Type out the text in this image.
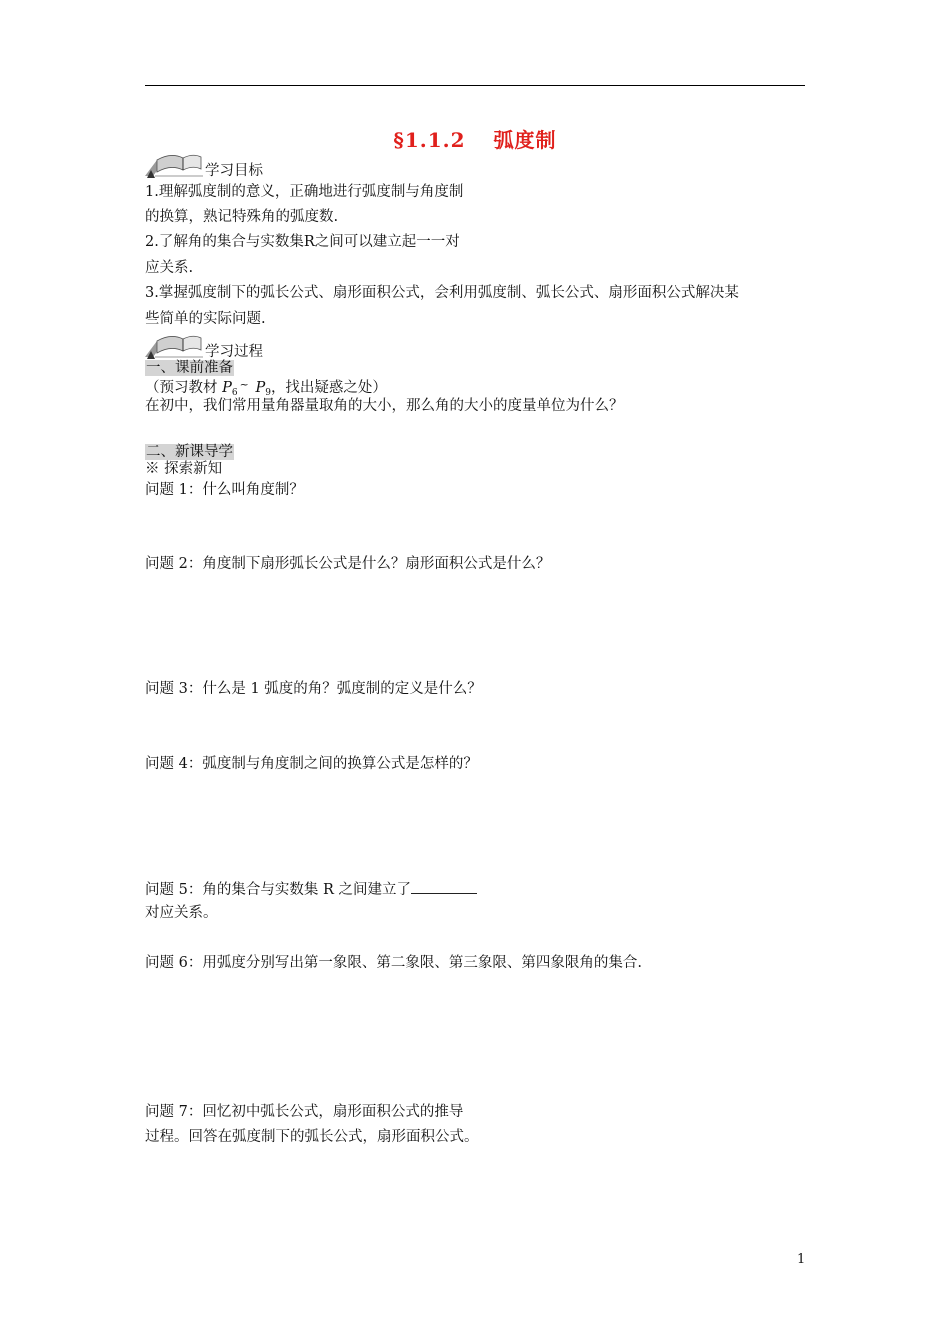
§1.1.2 弧度制
学习目标
1.理解弧度制的意义，正确地进行弧度制与角度制
的换算，熟记特殊角的弧度数.
2.了解角的集合与实数集R之间可以建立起一一对
应关系.
3.掌握弧度制下的弧长公式、扇形面积公式，会利用弧度制、弧长公式、扇形面积公式解决某
些简单的实际问题.
学习过程
一、课前准备
（预习教材 $P_6^\sim$ $P_9$，找出疑惑之处）
在初中，我们常用量角器量取角的大小，那么角的大小的度量单位为什么？
二、新课导学
※ 探索新知
问题 1：什么叫角度制？
问题 2：角度制下扇形弧长公式是什么？扇形面积公式是什么？
问题 3：什么是 1 弧度的角？弧度制的定义是什么？
问题 4：弧度制与角度制之间的换算公式是怎样的？
问题 5：角的集合与实数集 R 之间建立了
对应关系。
问题 6：用弧度分别写出第一象限、第二象限、第三象限、第四象限角的集合.
问题 7：回忆初中弧长公式，扇形面积公式的推导
过程。回答在弧度制下的弧长公式，扇形面积公式。
1
